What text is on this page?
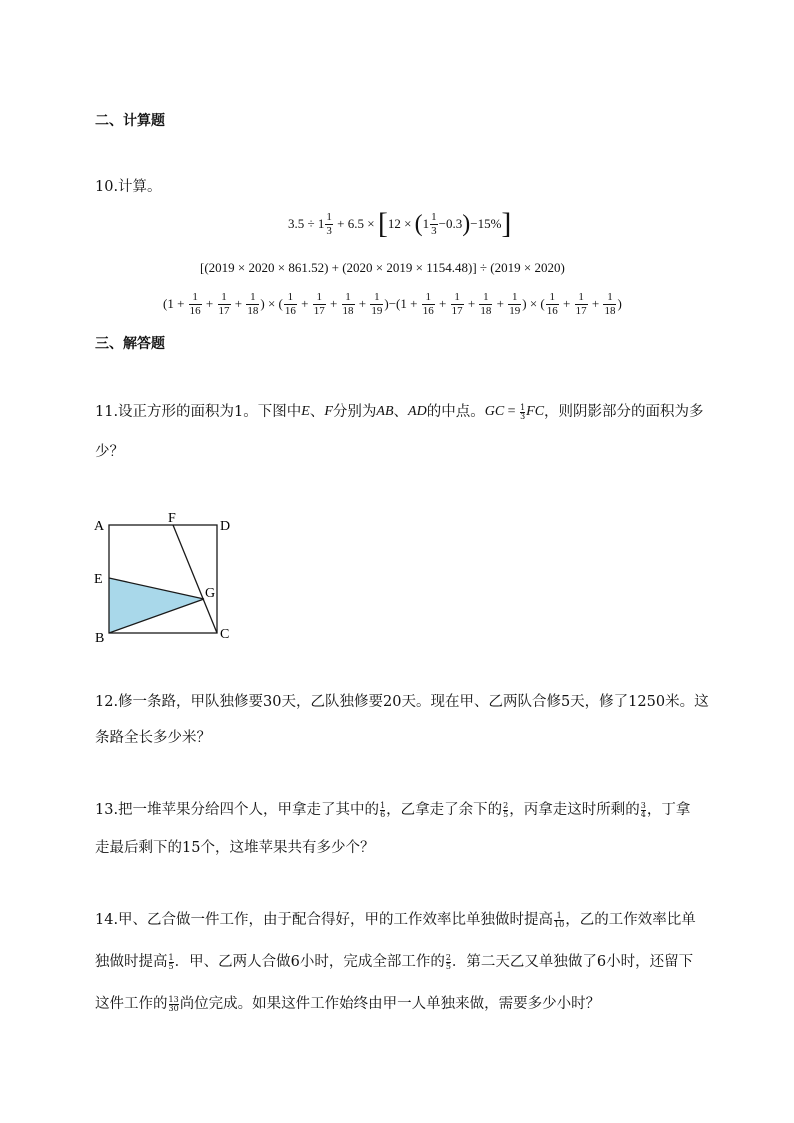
二、计算题
10.计算。
$3.5 \div 1 \frac{1}{3} + 6.5$ × [ 12 × ( $1 \frac{1}{3} -0.3$ ) −15% ]
[(2019 × 2020 × 861.52) + (2020 × 2019 × 1154.48)] ÷ (2019 × 2020)
($1 + \frac{1}{16} + \frac{1}{17} + \frac{1}{18}$ ) × ( $\frac{1}{16} + \frac{1}{17} + \frac{1}{18} + \frac{1}{19} )-(1 + \frac{1}{16} + \frac{1}{17} + \frac{1}{18} + \frac{1}{19}$ ) × ( $\frac{1}{16} + \frac{1}{17} + \frac{1}{18}$ )
三、解答题
11.设正方形的面积为1。下图中 E 、 F 分别为 AB 、 AD 的中点。 GC = $\frac{1}{3}$ FC ，则阴影部分的面积为多
少？
A
F
D
E
G
B	C
12.修一条路，甲队独修要30天，乙队独修要20天。现在甲、乙两队合修5天，修了1250米。这
条路全长多少米？
13.把一堆苹果分给四个人，甲拿走了其中的 1
6 ，乙拿走了余下的 2
5 ，丙拿走这时所剩的 3
4 ，丁拿
走最后剩下的15个，这堆苹果共有多少个？
14.甲、乙合做一件工作，由于配合得好，甲的工作效率比单独做时提高 1
10 ，乙的工作效率比单
独做时提高 1
5 ．甲、乙两人合做6小时，完成全部工作的 2
5 ．第二天乙又单独做了6小时，还留下
这件工作的 13
30 尚位完成。如果这件工作始终由甲一人单独来做，需要多少小时？
